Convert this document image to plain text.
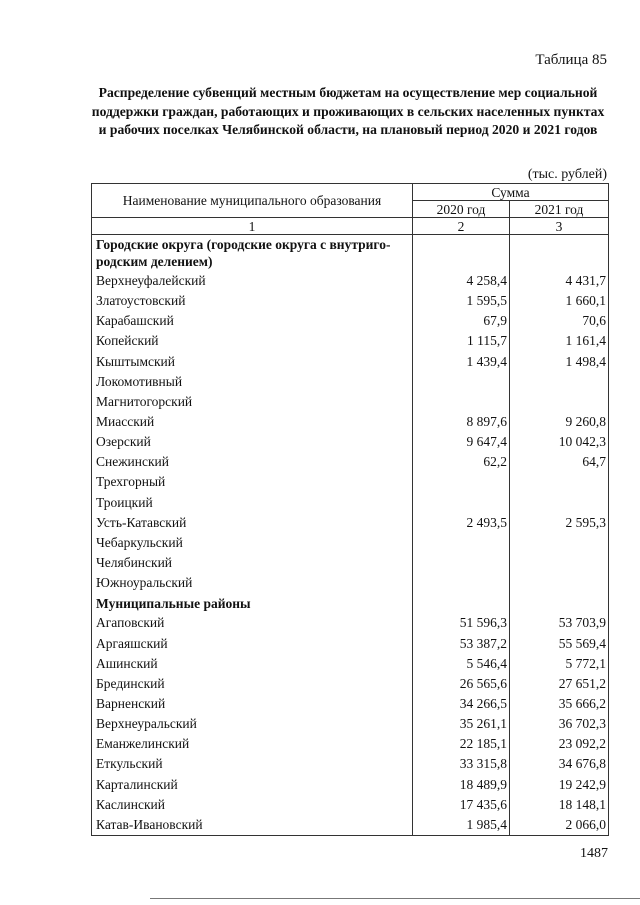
Таблица 85
Распределение субвенций местным бюджетам на осуществление мер социальной поддержки граждан, работающих и проживающих в сельских населенных пунктах и рабочих поселках Челябинской области, на плановый период 2020 и 2021 годов
(тыс. рублей)
Наименование муниципального образования	Сумма	
	2020 год	2021 год
1	2	3
Городские округа (городские округа с внутриго-родским делением)		
Верхнеуфалейский	4 258,4	4 431,7
Златоустовский	1 595,5	1 660,1
Карабашский	67,9	70,6
Копейский	1 115,7	1 161,4
Кыштымский	1 439,4	1 498,4
Локомотивный		
Магнитогорский		
Миасский	8 897,6	9 260,8
Озерский	9 647,4	10 042,3
Снежинский	62,2	64,7
Трехгорный		
Троицкий		
Усть-Катавский	2 493,5	2 595,3
Чебаркульский		
Челябинский		
Южноуральский		
Муниципальные районы		
Агаповский	51 596,3	53 703,9
Аргаяшский	53 387,2	55 569,4
Ашинский	5 546,4	5 772,1
Брединский	26 565,6	27 651,2
Варненский	34 266,5	35 666,2
Верхнеуральский	35 261,1	36 702,3
Еманжелинский	22 185,1	23 092,2
Еткульский	33 315,8	34 676,8
Карталинский	18 489,9	19 242,9
Каслинский	17 435,6	18 148,1
Катав-Ивановский	1 985,4	2 066,0
1487
